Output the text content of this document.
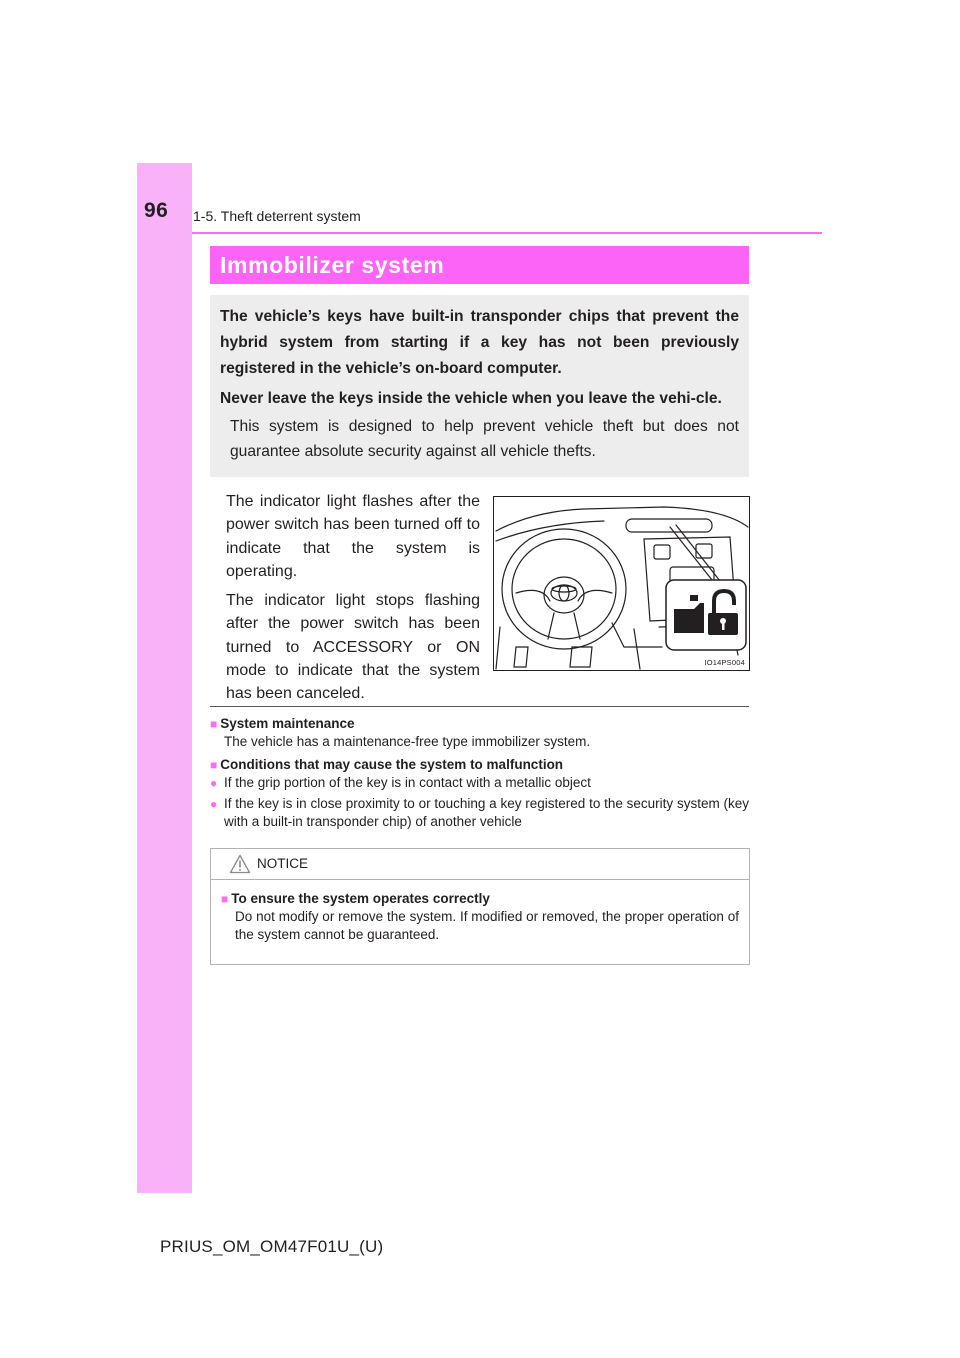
96 1-5. Theft deterrent system
Immobilizer system

The vehicle’s keys have built-in transponder chips that prevent the hybrid system from starting if a key has not been previously registered in the vehicle’s on-board computer.

Never leave the keys inside the vehicle when you leave the vehi-cle.

This system is designed to help prevent vehicle theft but does not guarantee absolute security against all vehicle thefts.

The indicator light flashes after the power switch has been turned off to indicate that the system is operating.

The indicator light stops flashing after the power switch has been turned to ACCESSORY or ON mode to indicate that the system has been canceled.

IO14PS004
■ System maintenance
The vehicle has a maintenance-free type immobilizer system.
■ Conditions that may cause the system to malfunction
● If the grip portion of the key is in contact with a metallic object
● If the key is in close proximity to or touching a key registered to the security system (key with a built-in transponder chip) of another vehicle
NOTICE
■ To ensure the system operates correctly
Do not modify or remove the system. If modified or removed, the proper operation of the system cannot be guaranteed.
PRIUS_OM_OM47F01U_(U)
